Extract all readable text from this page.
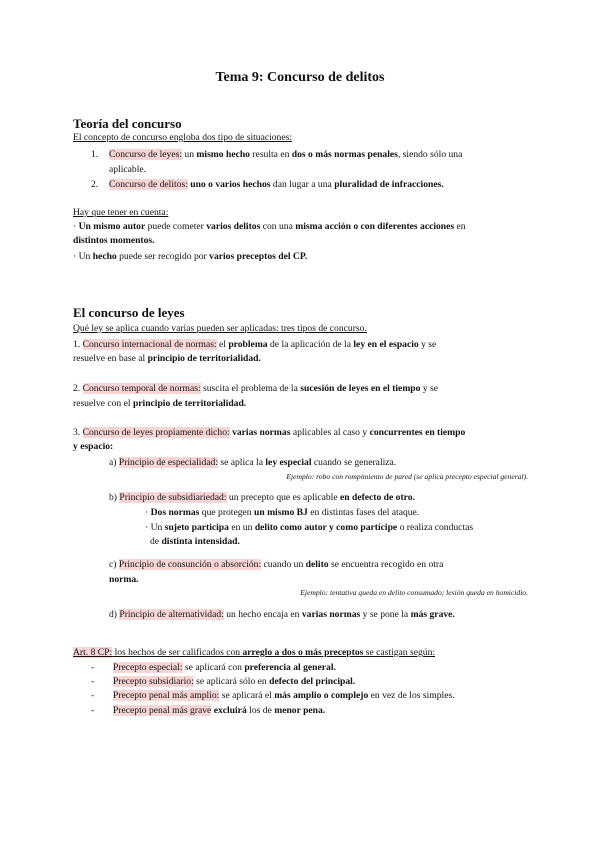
Tema 9: Concurso de delitos
Teoría del concurso
El concepto de concurso engloba dos tipo de situaciones:
1. Concurso de leyes: un mismo hecho resulta en dos o más normas penales, siendo sólo una
aplicable.
2. Concurso de delitos: uno o varios hechos dan lugar a una pluralidad de infracciones.
Hay que tener en cuenta:
· Un mismo autor puede cometer varios delitos con una misma acción o con diferentes acciones en
distintos momentos.
· Un hecho puede ser recogido por varios preceptos del CP.
El concurso de leyes
Qué ley se aplica cuando varias pueden ser aplicadas: tres tipos de concurso.
1. Concurso internacional de normas: el problema de la aplicación de la ley en el espacio y se
resuelve en base al principio de territorialidad.
2. Concurso temporal de normas: suscita el problema de la sucesión de leyes en el tiempo y se
resuelve con el principio de territorialidad.
3. Concurso de leyes propiamente dicho: varias normas aplicables al caso y concurrentes en tiempo
y espacio:
a) Principio de especialidad: se aplica la ley especial cuando se generaliza.
Ejemplo: robo con rompimiento de pared (se aplica precepto especial general).
b) Principio de subsidiariedad: un precepto que es aplicable en defecto de otro.
· Dos normas que protegen un mismo BJ en distintas fases del ataque.
· Un sujeto participa en un delito como autor y como partícipe o realiza conductas
de distinta intensidad.
c) Principio de consunción o absorción: cuando un delito se encuentra recogido en otra
norma.
Ejemplo: tentativa queda en delito consumado; lesión queda en homicidio.
d) Principio de alternatividad: un hecho encaja en varias normas y se pone la más grave.
Art. 8 CP: los hechos de ser calificados con arreglo a dos o más preceptos se castigan según:
- Precepto especial: se aplicará con preferencia al general.
- Precepto subsidiario: se aplicará sólo en defecto del principal.
- Precepto penal más amplio: se aplicará el más amplio o complejo en vez de los simples.
- Precepto penal más grave excluirá los de menor pena.
